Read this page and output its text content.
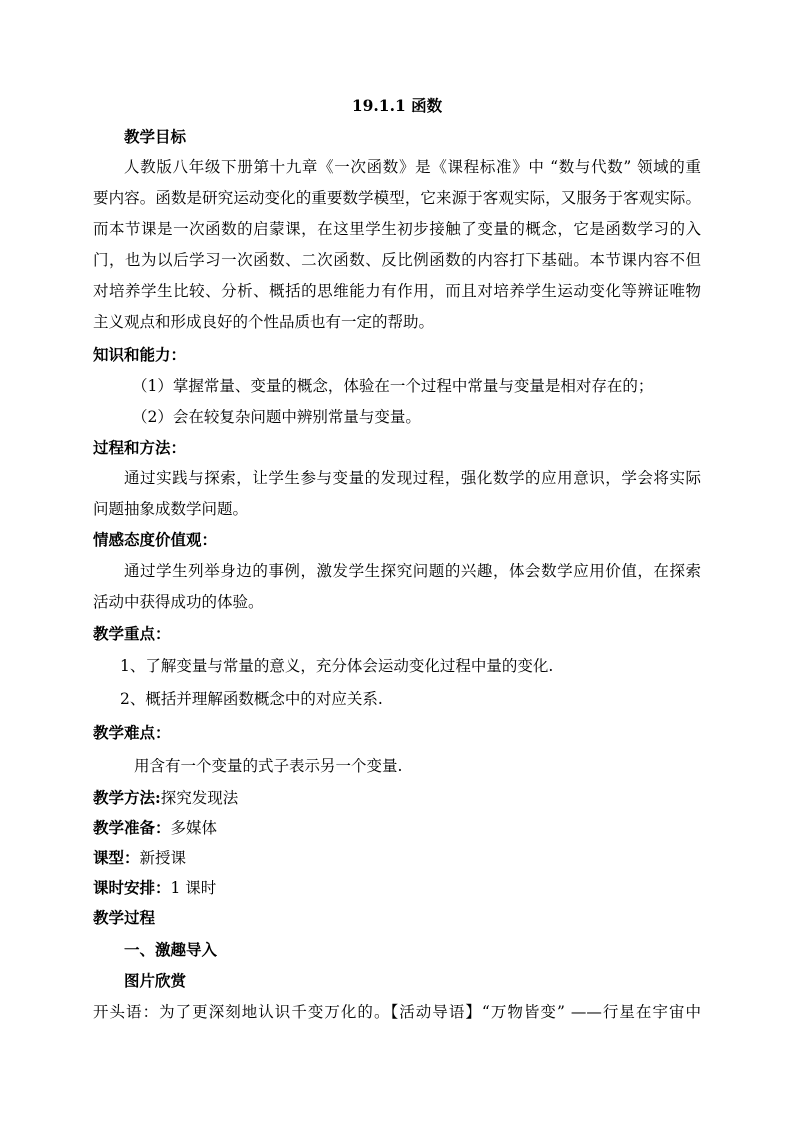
19.1.1 函数
教学目标
人教版八年级下册第十九章《一次函数》是《课程标准》中 “数与代数” 领域的重
要内容。函数是研究运动变化的重要数学模型，它来源于客观实际，又服务于客观实际。
而本节课是一次函数的启蒙课，在这里学生初步接触了变量的概念，它是函数学习的入
门，也为以后学习一次函数、二次函数、反比例函数的内容打下基础。本节课内容不但
对培养学生比较、分析、概括的思维能力有作用，而且对培养学生运动变化等辨证唯物
主义观点和形成良好的个性品质也有一定的帮助。
知识和能力：
（1）掌握常量、变量的概念，体验在一个过程中常量与变量是相对存在的；
（2）会在较复杂问题中辨别常量与变量。
过程和方法：
通过实践与探索，让学生参与变量的发现过程，强化数学的应用意识，学会将实际
问题抽象成数学问题。
情感态度价值观：
通过学生列举身边的事例，激发学生探究问题的兴趣，体会数学应用价值，在探索
活动中获得成功的体验。
教学重点：
1、了解变量与常量的意义，充分体会运动变化过程中量的变化.
2、概括并理解函数概念中的对应关系.
教学难点：
用含有一个变量的式子表示另一个变量.
教学方法:探究发现法
教学准备：多媒体
课型：新授课
课时安排：1 课时
教学过程
一、激趣导入
图片欣赏
开头语：为了更深刻地认识千变万化的。【活动导语】“万物皆变” ——行星在宇宙中
